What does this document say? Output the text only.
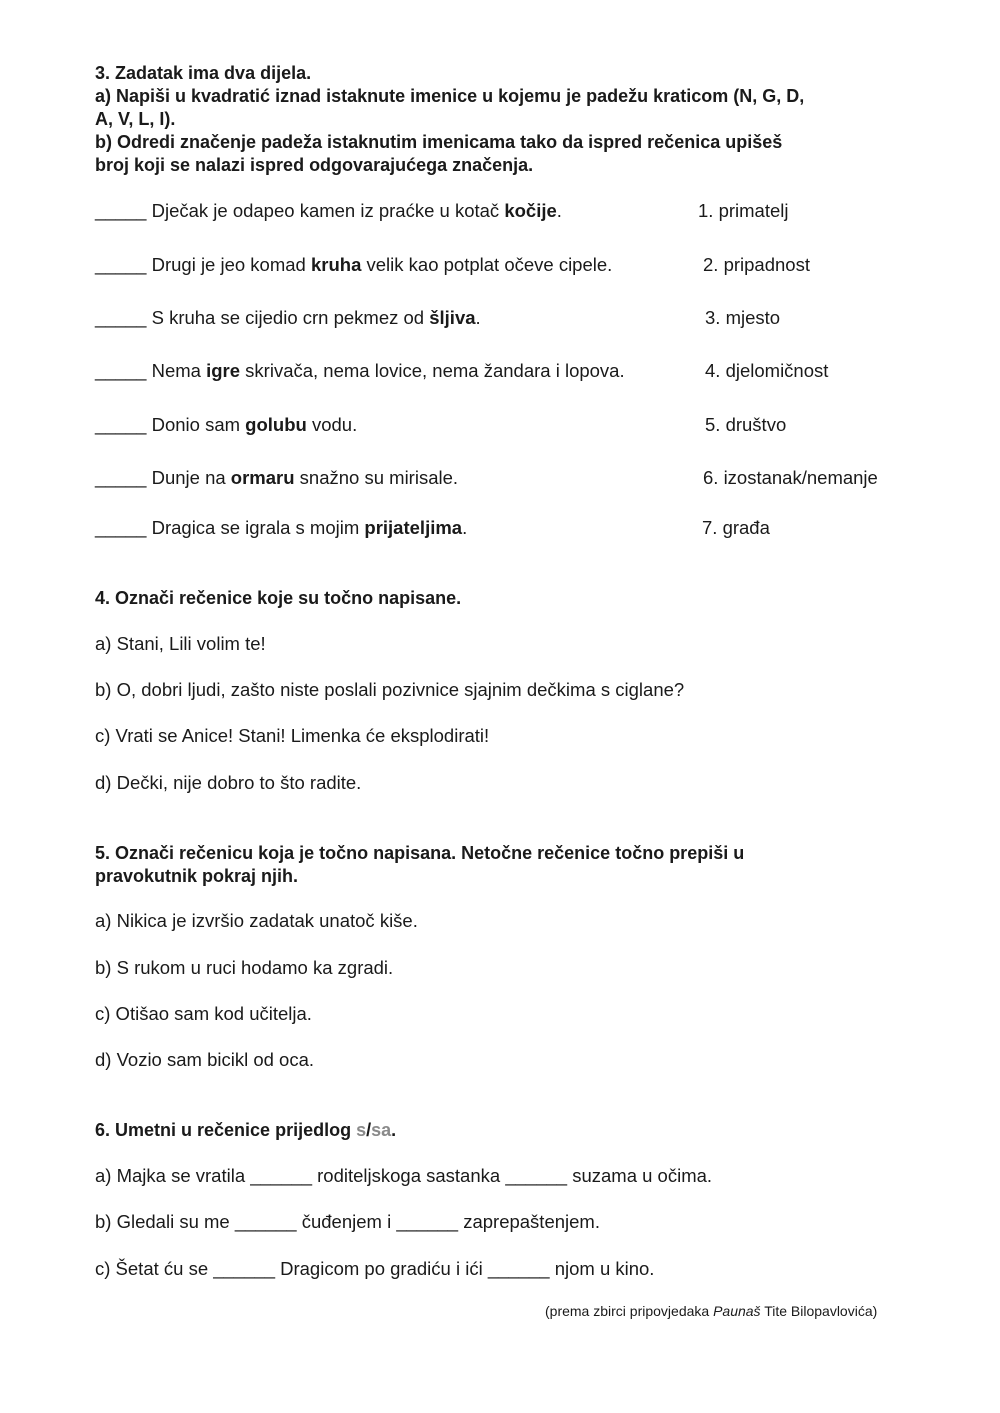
3. Zadatak ima dva dijela.
a) Napiši u kvadratić iznad istaknute imenice u kojemu je padežu kraticom (N, G, D,
A, V, L, I).
b) Odredi značenje padeža istaknutim imenicama tako da ispred rečenica upišeš
broj koji se nalazi ispred odgovarajućega značenja.
_____ Dječak je odapeo kamen iz praćke u kotač kočije.
_____ Drugi je jeo komad kruha velik kao potplat očeve cipele.
_____ S kruha se cijedio crn pekmez od šljiva.
_____ Nema igre skrivača, nema lovice, nema žandara i lopova.
_____ Donio sam golubu vodu.
_____ Dunje na ormaru snažno su mirisale.
_____ Dragica se igrala s mojim prijateljima.
1. primatelj
2. pripadnost
3. mjesto
4. djelomičnost
5. društvo
6. izostanak/nemanje
7. građa
4. Označi rečenice koje su točno napisane.
a) Stani, Lili volim te!
b) O, dobri ljudi, zašto niste poslali pozivnice sjajnim dečkima s ciglane?
c) Vrati se Anice! Stani! Limenka će eksplodirati!
d) Dečki, nije dobro to što radite.
5. Označi rečenicu koja je točno napisana. Netočne rečenice točno prepiši u
pravokutnik pokraj njih.
a) Nikica je izvršio zadatak unatoč kiše.
b) S rukom u ruci hodamo ka zgradi.
c) Otišao sam kod učitelja.
d) Vozio sam bicikl od oca.
6. Umetni u rečenice prijedlog s/sa.
a) Majka se vratila ______ roditeljskoga sastanka ______ suzama u očima.
b) Gledali su me ______ čuđenjem i ______ zaprepaštenjem.
c) Šetat ću se ______ Dragicom po gradiću i ići ______ njom u kino.
(prema zbirci pripovjedaka Paunaš Tite Bilopavlovića)
